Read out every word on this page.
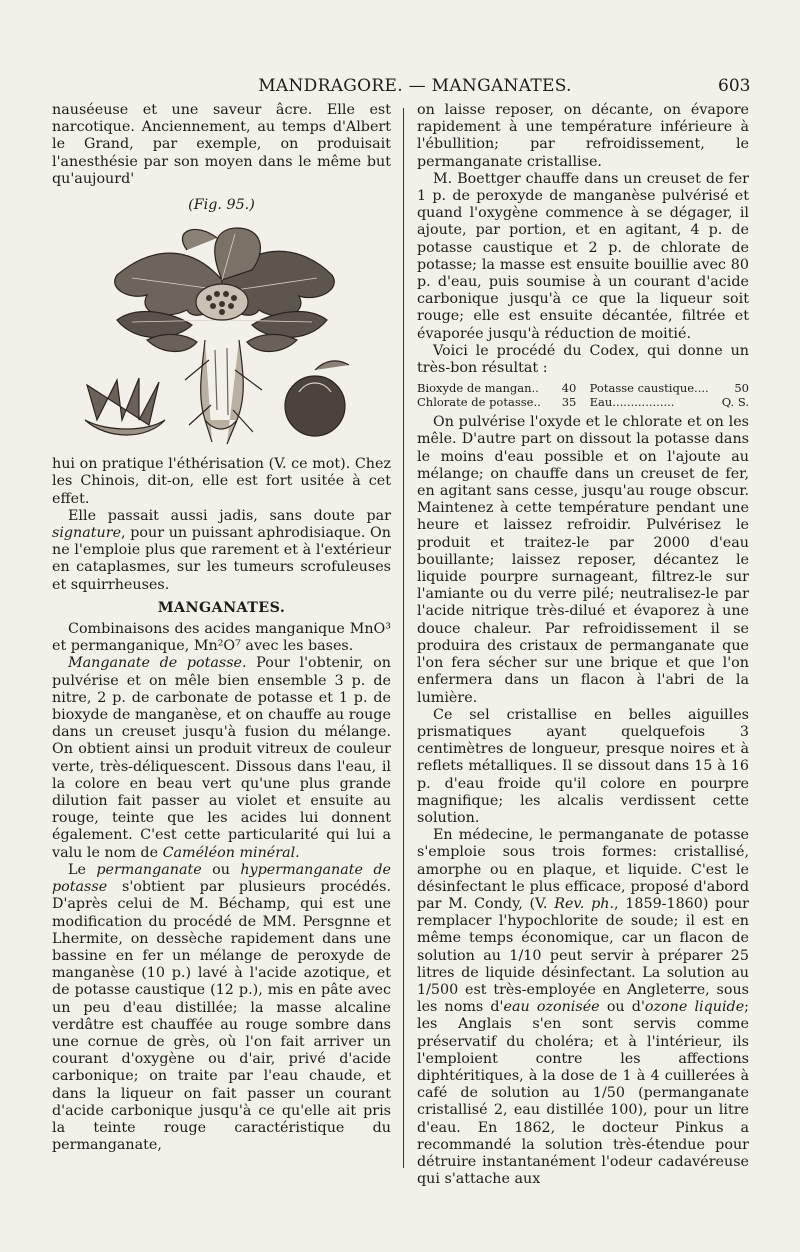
MANDRAGORE. — MANGANATES.	603

nauséeuse et une saveur âcre. Elle est narcotique. Anciennement, au temps d'Albert le Grand, par exemple, on produisait l'anesthésie par son moyen dans le même but qu'aujourd'

(Fig. 95.)

hui on pratique l'éthérisation (V. ce mot). Chez les Chinois, dit-on, elle est fort usitée à cet effet.

Elle passait aussi jadis, sans doute par signature, pour un puissant aphrodisiaque. On ne l'emploie plus que rarement et à l'extérieur en cataplasmes, sur les tumeurs scrofuleuses et squirrheuses.

MANGANATES.

Combinaisons des acides manganique MnO³ et permanganique, Mn²O⁷ avec les bases.

Manganate de potasse. Pour l'obtenir, on pulvérise et on mêle bien ensemble 3 p. de nitre, 2 p. de carbonate de potasse et 1 p. de bioxyde de manganèse, et on chauffe au rouge dans un creuset jusqu'à fusion du mélange. On obtient ainsi un produit vitreux de couleur verte, très-déliquescent. Dissous dans l'eau, il la colore en beau vert qu'une plus grande dilution fait passer au violet et ensuite au rouge, teinte que les acides lui donnent également. C'est cette particularité qui lui a valu le nom de Caméléon minéral.

Le permanganate ou hypermanganate de potasse s'obtient par plusieurs procédés. D'après celui de M. Béchamp, qui est une modification du procédé de MM. Persgnne et Lhermite, on dessèche rapidement dans une bassine en fer un mélange de peroxyde de manganèse (10 p.) lavé à l'acide azotique, et de potasse caustique (12 p.), mis en pâte avec un peu d'eau distillée; la masse alcaline verdâtre est chauffée au rouge sombre dans une cornue de grès, où l'on fait arriver un courant d'oxygène ou d'air, privé d'acide carbonique; on traite par l'eau chaude, et dans la liqueur on fait passer un courant d'acide carbonique jusqu'à ce qu'elle ait pris la teinte rouge caractéristique du permanganate,

on laisse reposer, on décante, on évapore rapidement à une température inférieure à l'ébullition; par refroidissement, le permanganate cristallise.

M. Boettger chauffe dans un creuset de fer 1 p. de peroxyde de manganèse pulvérisé et quand l'oxygène commence à se dégager, il ajoute, par portion, et en agitant, 4 p. de potasse caustique et 2 p. de chlorate de potasse; la masse est ensuite bouillie avec 80 p. d'eau, puis soumise à un courant d'acide carbonique jusqu'à ce que la liqueur soit rouge; elle est ensuite décantée, filtrée et évaporée jusqu'à réduction de moitié.

Voici le procédé du Codex, qui donne un très-bon résultat :

Bioxyde de mangan.. 40
Chlorate de potasse.. 35
Potasse caustique.... 50
Eau.................	Q. S.

On pulvérise l'oxyde et le chlorate et on les mêle. D'autre part on dissout la potasse dans le moins d'eau possible et on l'ajoute au mélange; on chauffe dans un creuset de fer, en agitant sans cesse, jusqu'au rouge obscur. Maintenez à cette température pendant une heure et laissez refroidir. Pulvérisez le produit et traitez-le par 2000 d'eau bouillante; laissez reposer, décantez le liquide pourpre surnageant, filtrez-le sur l'amiante ou du verre pilé; neutralisez-le par l'acide nitrique très-dilué et évaporez à une douce chaleur. Par refroidissement il se produira des cristaux de permanganate que l'on fera sécher sur une brique et que l'on enfermera dans un flacon à l'abri de la lumière.

Ce sel cristallise en belles aiguilles prismatiques ayant quelquefois 3 centimètres de longueur, presque noires et à reflets métalliques. Il se dissout dans 15 à 16 p. d'eau froide qu'il colore en pourpre magnifique; les alcalis verdissent cette solution.

En médecine, le permanganate de potasse s'emploie sous trois formes: cristallisé, amorphe ou en plaque, et liquide. C'est le désinfectant le plus efficace, proposé d'abord par M. Condy, (V. Rev. ph., 1859-1860) pour remplacer l'hypochlorite de soude; il est en même temps économique, car un flacon de solution au 1/10 peut servir à préparer 25 litres de liquide désinfectant. La solution au 1/500 est très-employée en Angleterre, sous les noms d'eau ozonisée ou d'ozone liquide; les Anglais s'en sont servis comme préservatif du choléra; et à l'intérieur, ils l'emploient contre les affections diphtéritiques, à la dose de 1 à 4 cuillerées à café de solution au 1/50 (permanganate cristallisé 2, eau distillée 100), pour un litre d'eau. En 1862, le docteur Pinkus a recommandé la solution très-étendue pour détruire instantanément l'odeur cadavéreuse qui s'attache aux
